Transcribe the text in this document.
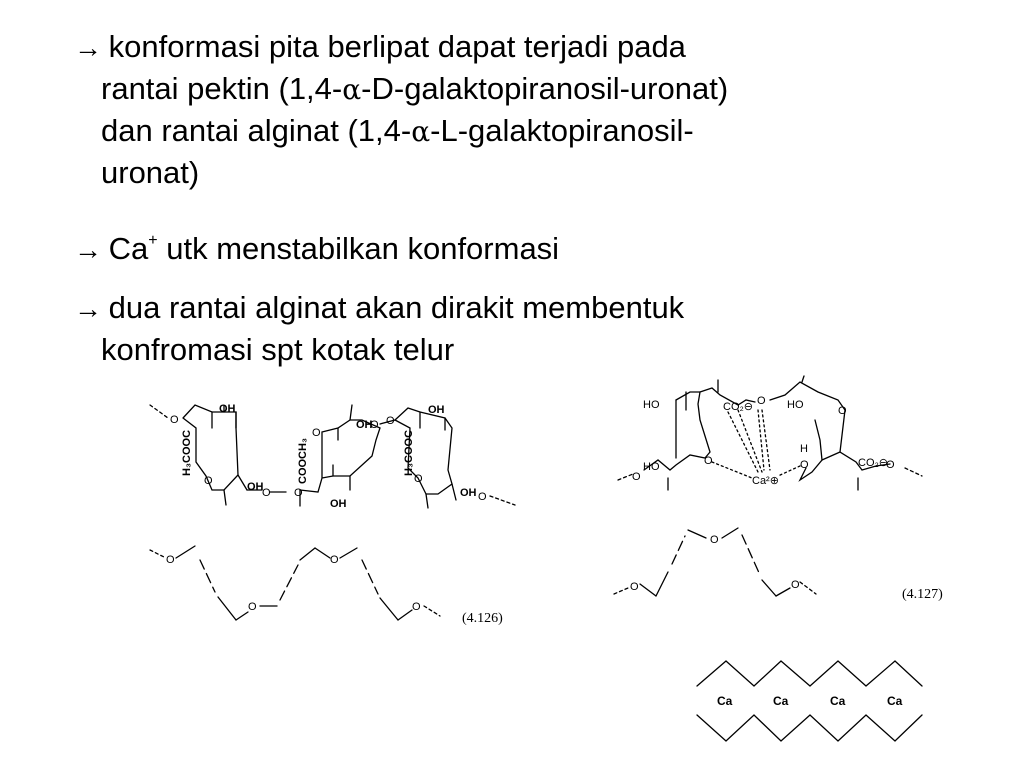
→ konformasi pita berlipat dapat terjadi pada
rantai pektin (1,4-α-D-galaktopiranosil-uronat)
dan rantai alginat (1,4-α-L-galaktopiranosil-
uronat)
→ Ca+ utk menstabilkan konformasi
→ dua rantai alginat akan dirakit membentuk
konfromasi spt kotak telur
O
OH
OH
OH
OH
OH
OH
H₃COOC	COOCH₃	H₃COOC
O
O O
O
O O
O
O
O
O
O
O
(4.126)
HO
HO
HO
CO₂⊖
CO₂⊖
Ca²⊕
H
O
O
O	O	O
O
O
O
O
(4.127)
Ca	Ca	Ca	Ca
